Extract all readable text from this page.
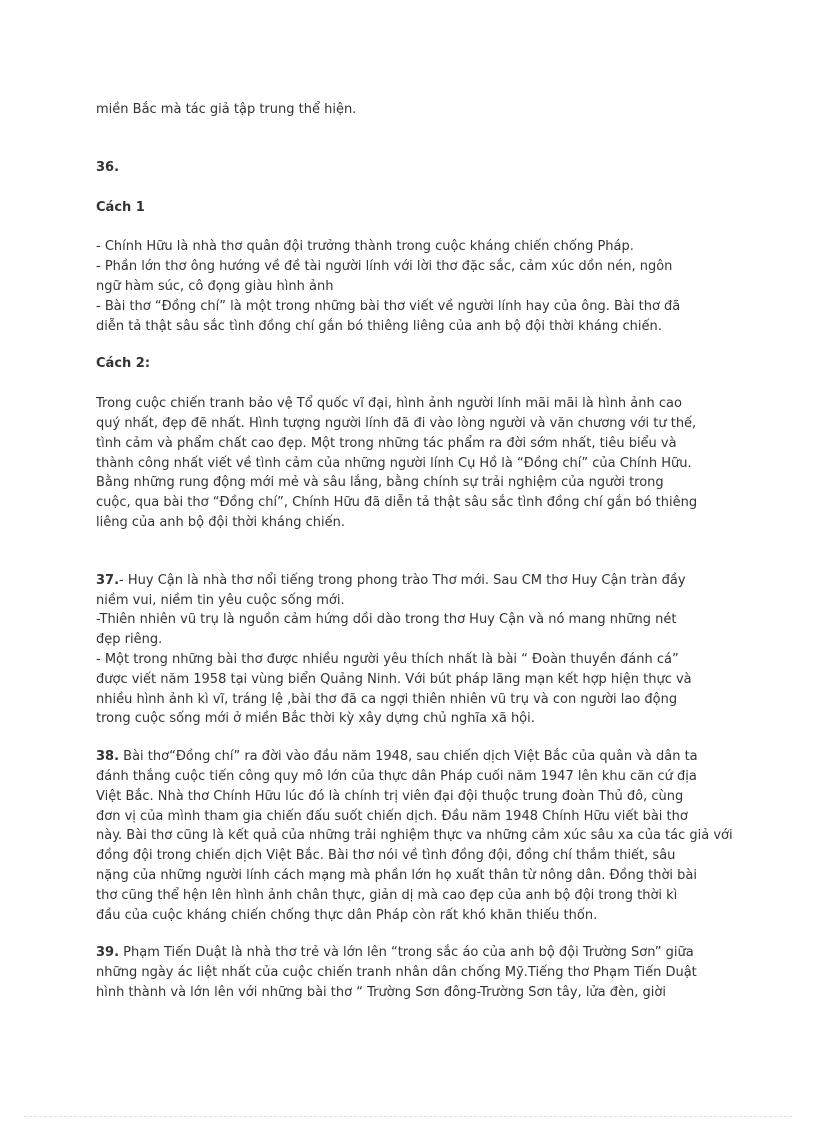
miền Bắc mà tác giả tập trung thể hiện.
36.
Cách 1
- Chính Hữu là nhà thơ quân đội trưởng thành trong cuộc kháng chiến chống Pháp.
- Phần lớn thơ ông hướng về đề tài người lính với lời thơ đặc sắc, cảm xúc dồn nén, ngôn
ngữ hàm súc, cô đọng giàu hình ảnh
- Bài thơ “Đồng chí” là một trong những bài thơ viết về người lính hay của ông. Bài thơ đã
diễn tả thật sâu sắc tình đồng chí gắn bó thiêng liêng của anh bộ đội thời kháng chiến.
Cách 2:
Trong cuộc chiến tranh bảo vệ Tổ quốc vĩ đại, hình ảnh người lính mãi mãi là hình ảnh cao
quý nhất, đẹp đẽ nhất. Hình tượng người lính đã đi vào lòng người và văn chương với tư thế,
tình cảm và phẩm chất cao đẹp. Một trong những tác phẩm ra đời sớm nhất, tiêu biểu và
thành công nhất viết về tình cảm của những người lính Cụ Hồ là “Đồng chí” của Chính Hữu.
Bằng những rung động mới mẻ và sâu lắng, bằng chính sự trải nghiệm của người trong
cuộc, qua bài thơ “Đồng chí”, Chính Hữu đã diễn tả thật sâu sắc tình đồng chí gắn bó thiêng
liêng của anh bộ đội thời kháng chiến.
37.- Huy Cận là nhà thơ nổi tiếng trong phong trào Thơ mới. Sau CM thơ Huy Cận tràn đầy
niềm vui, niềm tin yêu cuộc sống mới.
-Thiên nhiên vũ trụ là nguồn cảm hứng dồi dào trong thơ Huy Cận và nó mang những nét
đẹp riêng.
- Một trong những bài thơ được nhiều người yêu thích nhất là bài “ Đoàn thuyền đánh cá”
được viết năm 1958 tại vùng biển Quảng Ninh. Với bút pháp lãng mạn kết hợp hiện thực và
nhiều hình ảnh kì vĩ, tráng lệ ,bài thơ đã ca ngợi thiên nhiên vũ trụ và con người lao động
trong cuộc sống mới ở miền Bắc thời kỳ xây dựng chủ nghĩa xã hội.
38. Bài thơ“Đồng chí” ra đời vào đầu năm 1948, sau chiến dịch Việt Bắc của quân và dân ta
đánh thắng cuộc tiến công quy mô lớn của thực dân Pháp cuối năm 1947 lên khu căn cứ địa
Việt Bắc. Nhà thơ Chính Hữu lúc đó là chính trị viên đại đội thuộc trung đoàn Thủ đô, cùng
đơn vị của mình tham gia chiến đấu suốt chiến dịch. Đầu năm 1948 Chính Hữu viết bài thơ
này. Bài thơ cũng là kết quả của những trải nghiệm thực va những cảm xúc sâu xa của tác giả với
đồng đội trong chiến dịch Việt Bắc. Bài thơ nói về tình đồng đội, đồng chí thắm thiết, sâu
nặng của những người lính cách mạng mà phần lớn họ xuất thân từ nông dân. Đồng thời bài
thơ cũng thể hện lên hình ảnh chân thực, giản dị mà cao đẹp của anh bộ đội trong thời kì
đầu của cuộc kháng chiến chống thực dân Pháp còn rất khó khăn thiếu thốn.
39. Phạm Tiến Duật là nhà thơ trẻ và lớn lên “trong sắc áo của anh bộ đội Trường Sơn” giữa
những ngày ác liệt nhất của cuộc chiến tranh nhân dân chống Mỹ.Tiếng thơ Phạm Tiến Duật
hình thành và lớn lên với những bài thơ “ Trường Sơn đông-Trường Sơn tây, lửa đèn, giời
